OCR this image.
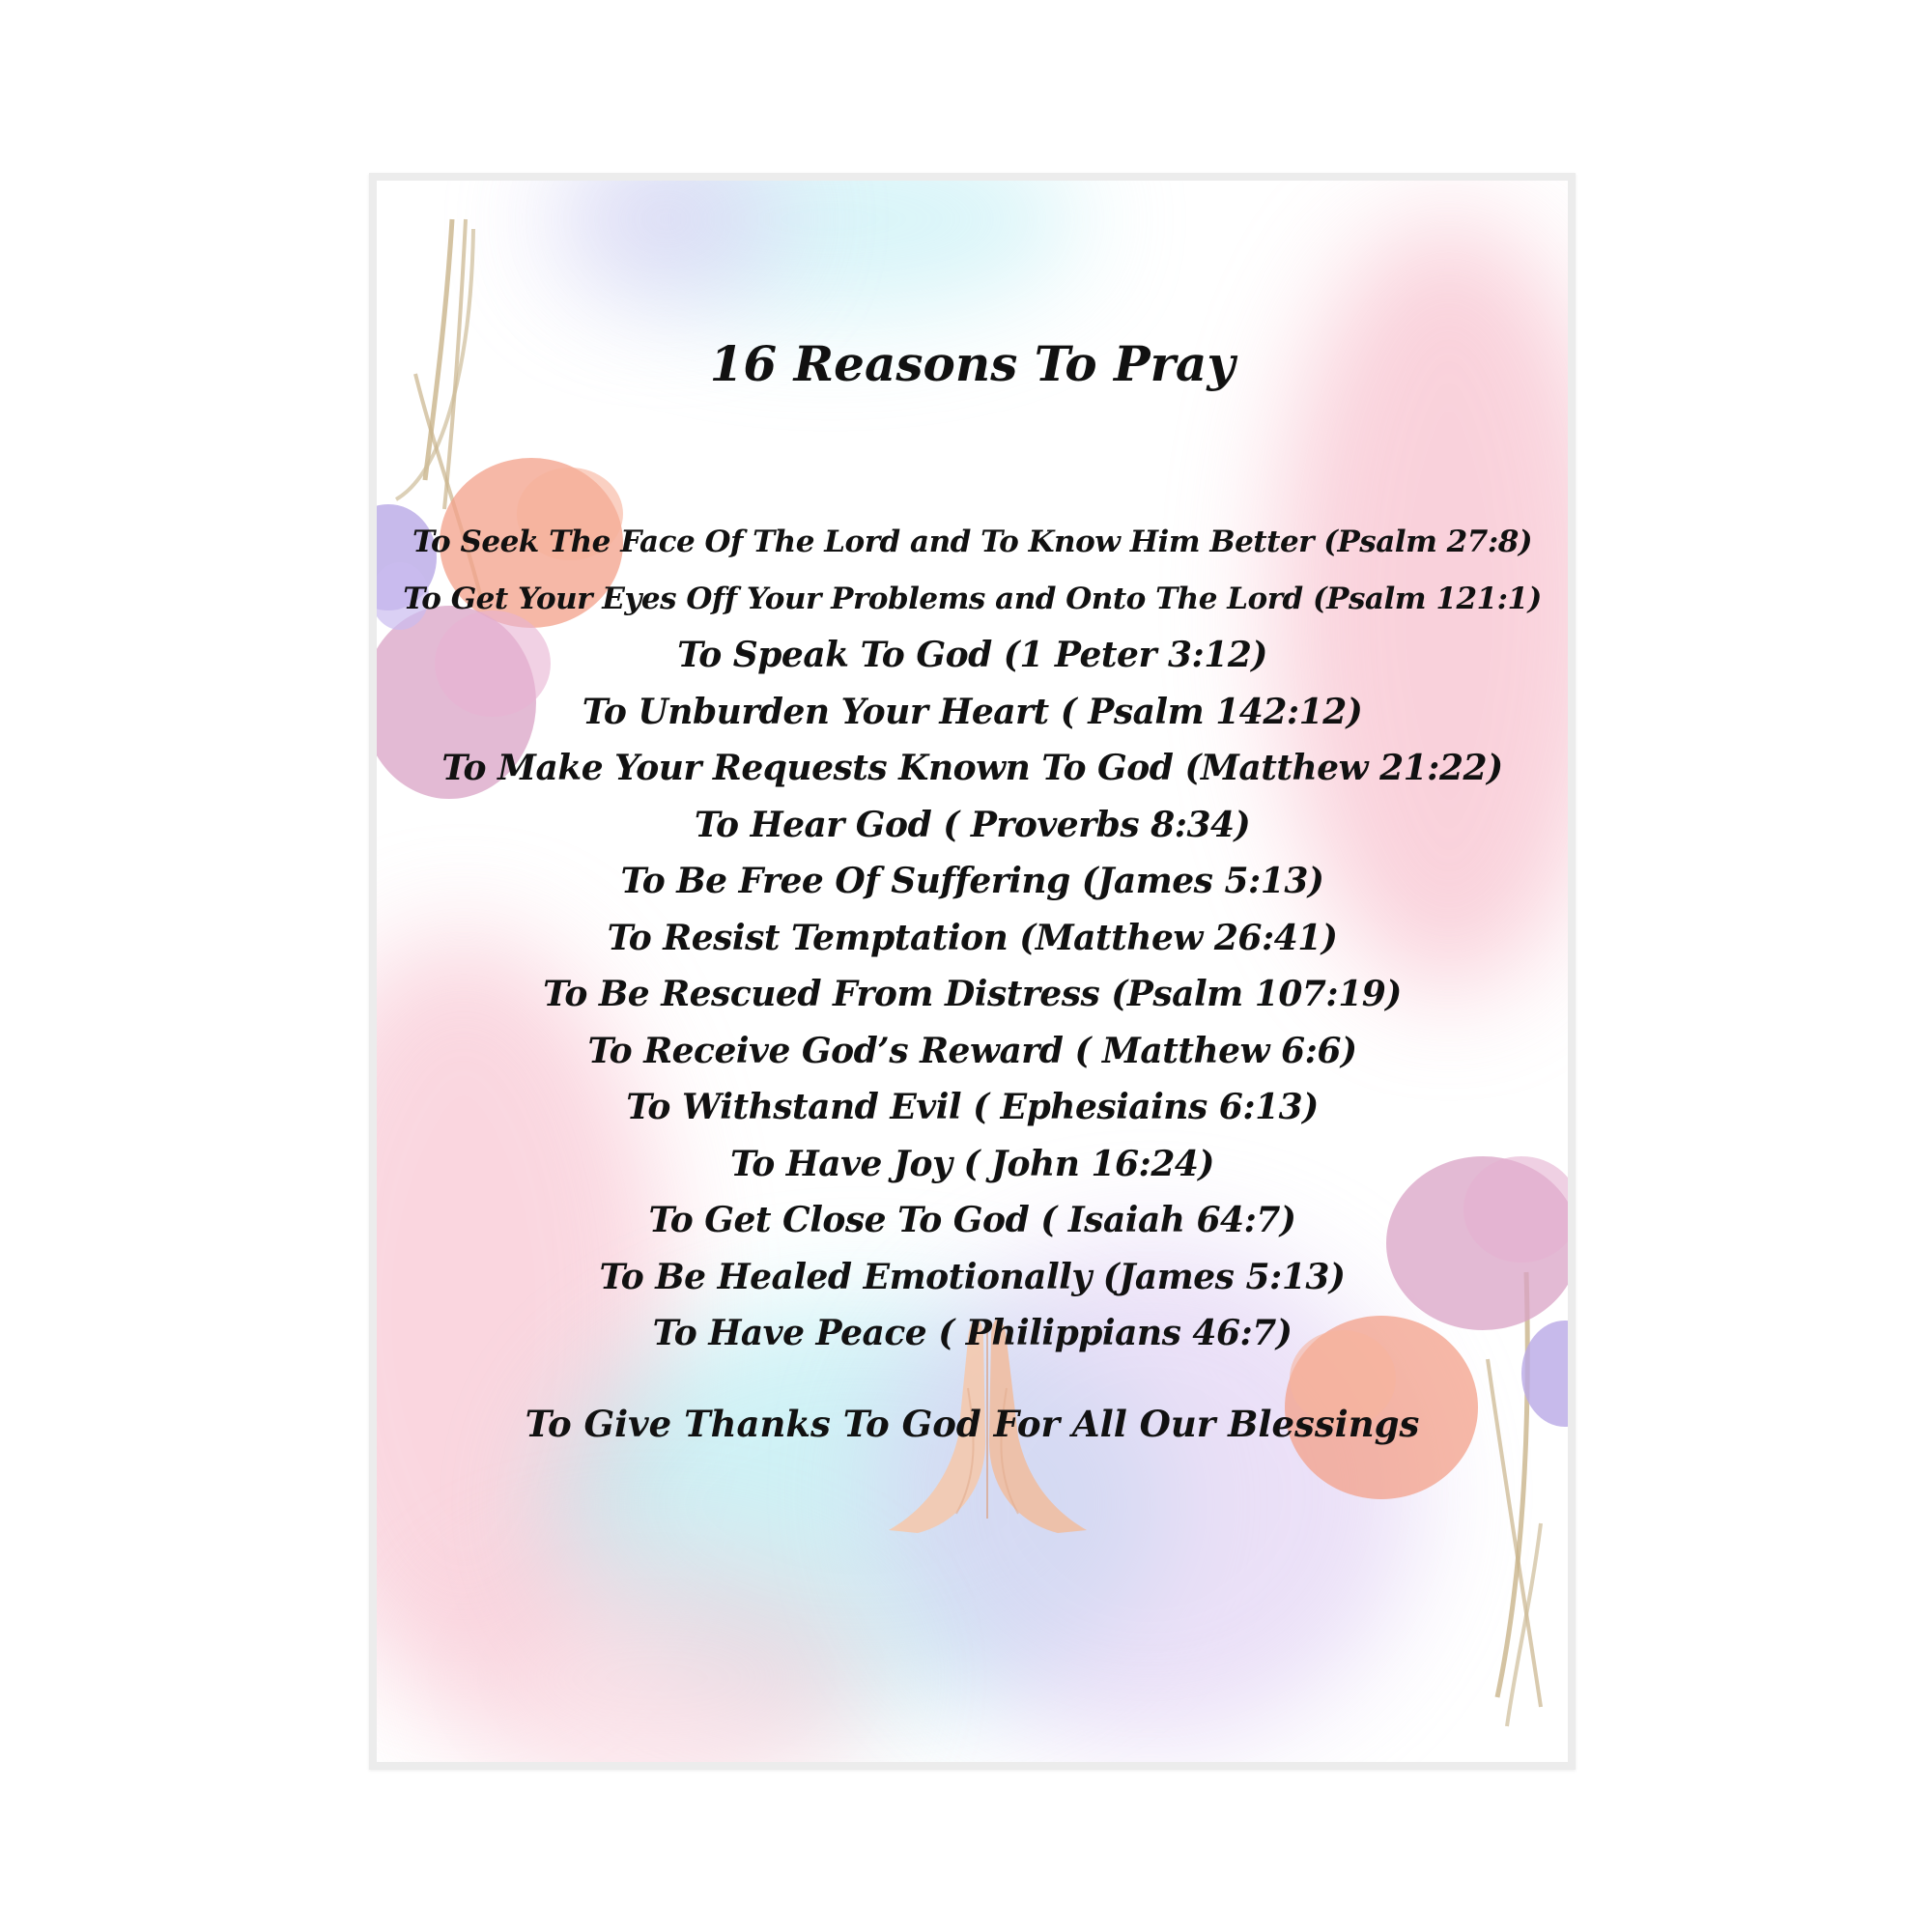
16 Reasons To Pray
To Seek The Face Of The Lord and To Know Him Better (Psalm 27:8)
To Get Your Eyes Off Your Problems and Onto The Lord (Psalm 121:1)
To Speak To God (1 Peter 3:12)
To Unburden Your Heart ( Psalm 142:12)
To Make Your Requests Known To God (Matthew 21:22)
To Hear God ( Proverbs 8:34)
To Be Free Of Suffering (James 5:13)
To Resist Temptation (Matthew 26:41)
To Be Rescued From Distress (Psalm 107:19)
To Receive God’s Reward ( Matthew 6:6)
To Withstand Evil ( Ephesiains 6:13)
To Have Joy ( John 16:24)
To Get Close To God ( Isaiah 64:7)
To Be Healed Emotionally (James 5:13)
To Have Peace ( Philippians 46:7)

To Give Thanks To God For All Our Blessings
